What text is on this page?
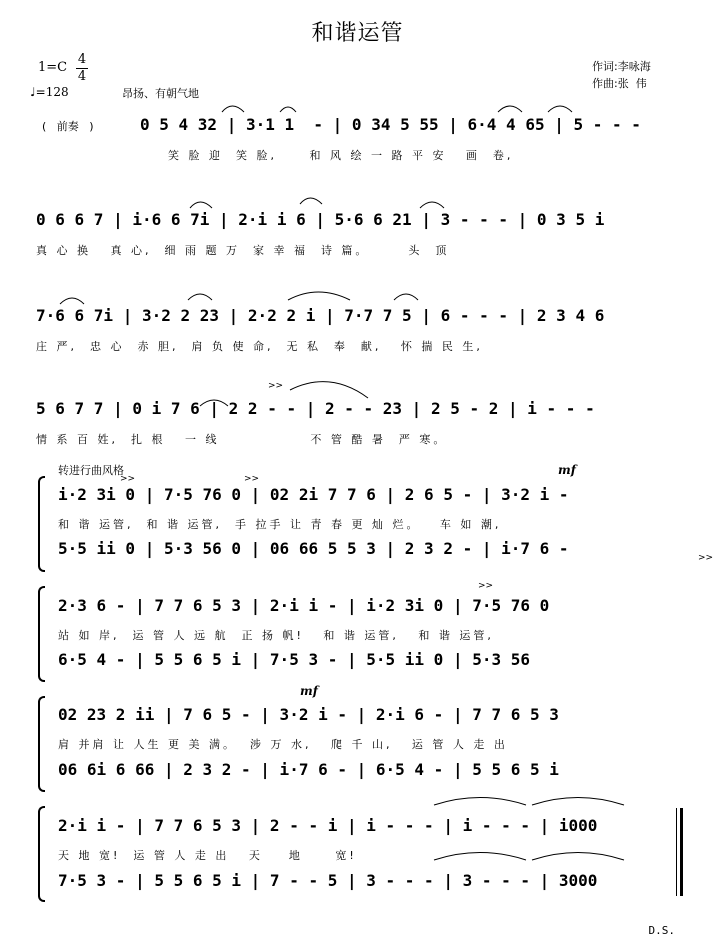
和谐运管
作词:李咏海
作曲:张  伟
1=C
4
4
♩=128	昂扬、有朝气地
(   前奏   )	0 5 4 32 | 3·1 1  - | 0 34 5 55 | 6·4 4 65 | 5 - - -
笑 脸 迎  笑 脸,     和 风 绘 一 路 平 安   画  卷,
0 6 6 7 | i·6 6 7i | 2·i i 6 | 5·6 6 21 | 3 - - - | 0 3 5 i
真 心 换   真 心,  细 雨 题 万  家 幸 福  诗 篇。      头  顶
7·6 6 7i | 3·2 2 23 | 2·2 2 i | 7·7 7 5 | 6 - - - | 2 3 4 6
庄 严,  忠 心  赤 胆,  肩 负 使 命,  无 私  奉  献,   怀 揣 民 生,
>>
5 6 7 7 | 0 i 7 6 | 2 2 - - | 2 - - 23 | 2 5 - 2 | i - - -
情 系 百 姓,  扎 根   一 线              不 管 酷 暑  严 寒。
转进行曲风格
>>	>>
mf
i·2 3i 0 | 7·5 76 0 | 02 2i 7 7 6 | 2 6 5 - | 3·2 i -
和 谐 运管,  和 谐 运管,  手 拉手 让 青 春 更 灿 烂。   车 如 潮,
5·5 ii 0 | 5·3 56 0 | 06 66 5 5 3 | 2 3 2 - | i·7 6 -	>>
>>
2·3 6 - | 7 7 6 5 3 | 2·i i - | i·2 3i 0 | 7·5 76 0
站 如 岸,  运 管 人 远 航  正 扬 帆!   和 谐 运管,   和 谐 运管,
6·5 4 - | 5 5 6 5 i | 7·5 3 - | 5·5 ii 0 | 5·3 56
mf
02 23 2 ii | 7 6 5 - | 3·2 i - | 2·i 6 - | 7 7 6 5 3
肩 并肩 让 人生 更 美 满。  涉 万 水,   爬 千 山,   运 管 人 走 出
06 6i 6 66 | 2 3 2 - | i·7 6 - | 6·5 4 - | 5 5 6 5 i
2·i i - | 7 7 6 5 3 | 2 - - i | i - - - | i - - - | i000
天 地 宽!  运 管 人 走 出   天    地     宽!
7·5 3 - | 5 5 6 5 i | 7 - - 5 | 3 - - - | 3 - - - | 3000
D.S.
